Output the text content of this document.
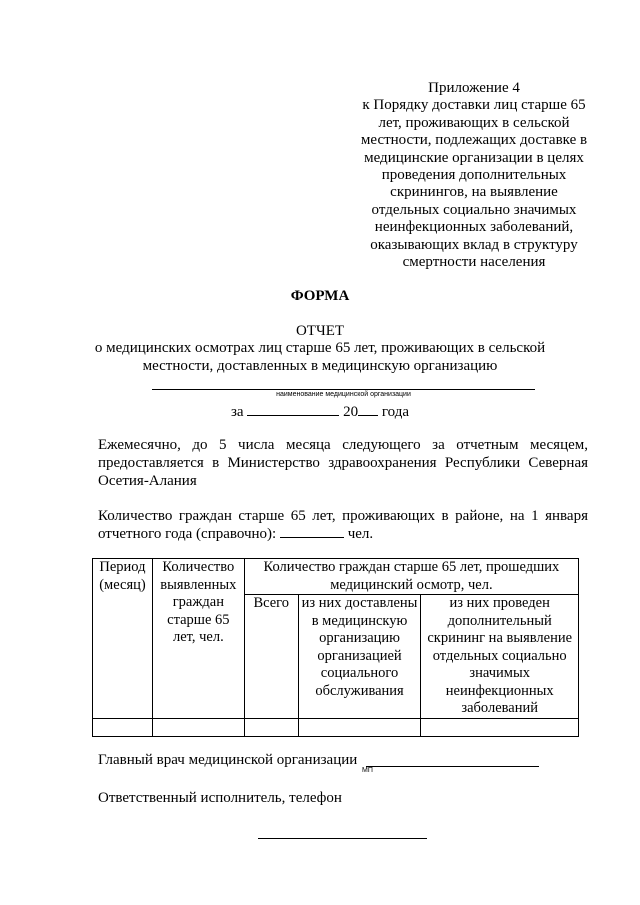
Приложение 4
к Порядку доставки лиц старше 65
лет, проживающих в сельской
местности, подлежащих доставке в
медицинские организации в целях
проведения дополнительных
скринингов, на выявление
отдельных социально значимых
неинфекционных заболеваний,
оказывающих вклад в структуру
смертности населения
ФОРМА
ОТЧЕТ
о медицинских осмотрах лиц старше 65 лет, проживающих в сельской местности, доставленных в медицинскую организацию
наименование медицинской организации
за	20 года
Ежемесячно, до 5 числа месяца следующего за отчетным месяцем, предоставляется в Министерство здравоохранения Республики Северная Осетия-Алания
Количество граждан старше 65 лет, проживающих в районе, на 1 января отчетного года (справочно):	чел.
Период (месяц)	Количество выявленных граждан старше 65 лет, чел.	Количество граждан старше 65 лет, прошедших медицинский осмотр, чел.		
		Всего	из них доставлены в медицинскую организацию организацией социального обслуживания	из них проведен дополнительный скрининг на выявление отдельных социально значимых неинфекционных заболеваний

Главный врач медицинской организации
МП
Ответственный исполнитель, телефон
